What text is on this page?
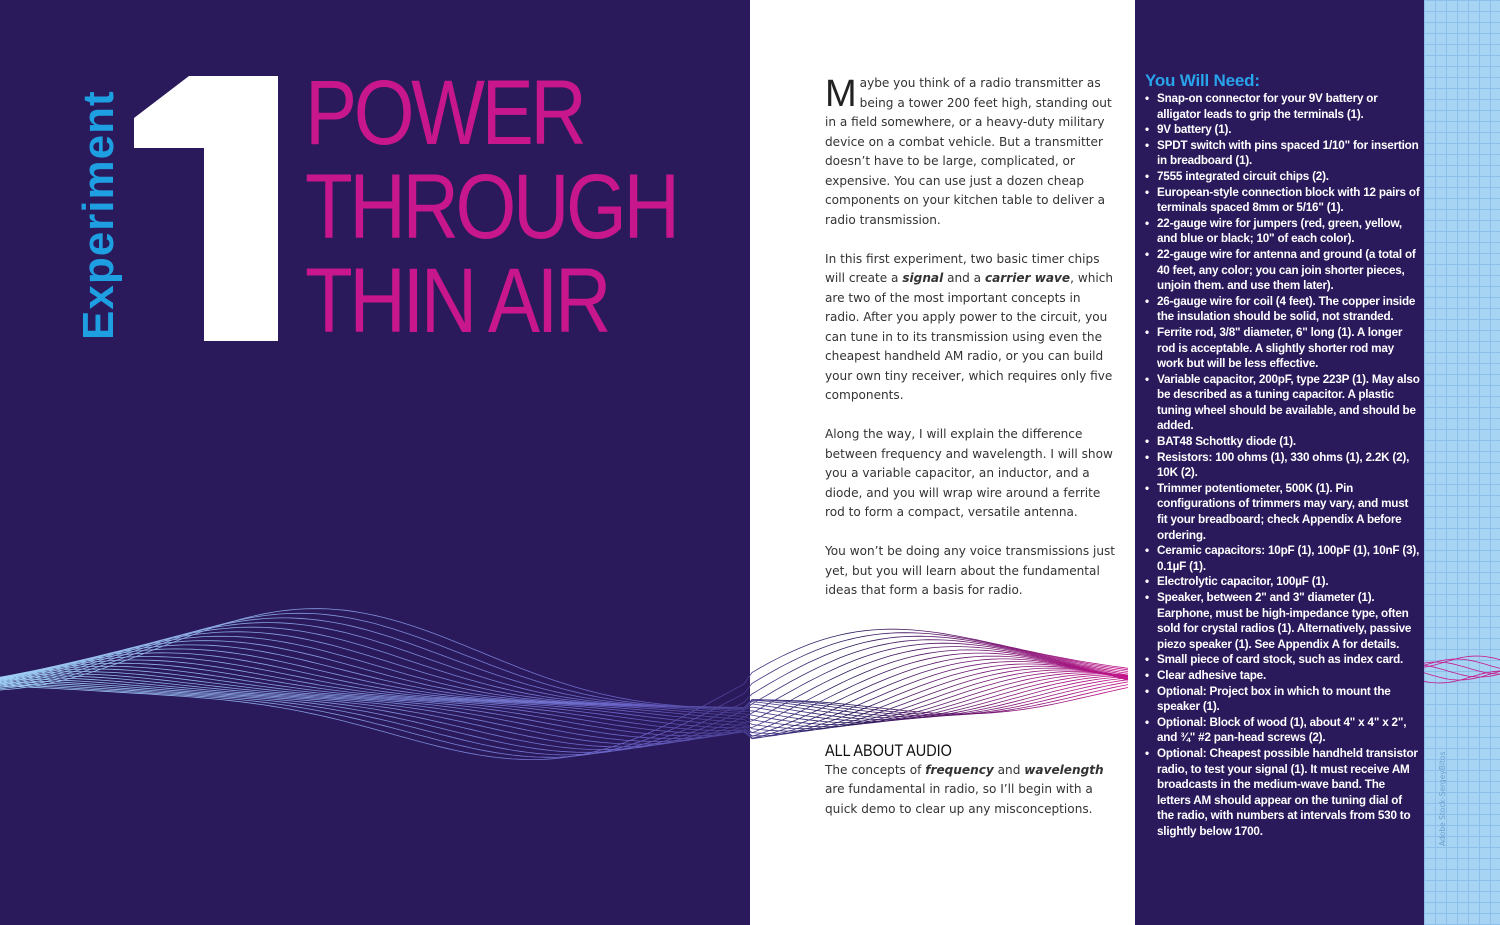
Experiment POWER
THROUGH
THIN AIR

Maybe you think of a radio transmitter as being a tower 200 feet high, standing out in a field somewhere, or a heavy-duty military device on a combat vehicle. But a transmitter doesn’t have to be large, complicated, or expensive. You can use just a dozen cheap components on your kitchen table to deliver a radio transmission.

In this first experiment, two basic timer chips will create a signal and a carrier wave, which are two of the most important concepts in radio. After you apply power to the circuit, you can tune in to its transmission using even the cheapest handheld AM radio, or you can build your own tiny receiver, which requires only five components.

Along the way, I will explain the difference between frequency and wavelength. I will show you a variable capacitor, an inductor, and a diode, and you will wrap wire around a ferrite rod to form a compact, versatile antenna.

You won’t be doing any voice transmissions just yet, but you will learn about the fundamental ideas that form a basis for radio.

ALL ABOUT AUDIO

The concepts of frequency and wavelength are fundamental in radio, so I’ll begin with a quick demo to clear up any misconceptions.

You Will Need:
• Snap-on connector for your 9V battery or alligator leads to grip the terminals (1).
• 9V battery (1).
• SPDT switch with pins spaced 1/10" for insertion in breadboard (1).
• 7555 integrated circuit chips (2).
• European-style connection block with 12 pairs of terminals spaced 8mm or 5/16" (1).
• 22-gauge wire for jumpers (red, green, yellow, and blue or black; 10" of each color).
• 22-gauge wire for antenna and ground (a total of 40 feet, any color; you can join shorter pieces, unjoin them. and use them later).
• 26-gauge wire for coil (4 feet). The copper inside the insulation should be solid, not stranded.
• Ferrite rod, 3/8" diameter, 6" long (1). A longer rod is acceptable. A slightly shorter rod may work but will be less effective.
• Variable capacitor, 200pF, type 223P (1). May also be described as a tuning capacitor. A plastic tuning wheel should be available, and should be added.
• BAT48 Schottky diode (1).
• Resistors: 100 ohms (1), 330 ohms (1), 2.2K (2), 10K (2).
• Trimmer potentiometer, 500K (1). Pin configurations of trimmers may vary, and must fit your breadboard; check Appendix A before ordering.
• Ceramic capacitors: 10pF (1), 100pF (1), 10nF (3), 0.1µF (1).
• Electrolytic capacitor, 100µF (1).
• Speaker, between 2" and 3" diameter (1). Earphone, must be high-impedance type, often sold for crystal radios (1). Alternatively, passive piezo speaker (1). See Appendix A for details.
• Small piece of card stock, such as index card.
• Clear adhesive tape.
• Optional: Project box in which to mount the speaker (1).
• Optional: Block of wood (1), about 4" x 4" x 2", and ¾" #2 pan-head screws (2).
• Optional: Cheapest possible handheld transistor radio, to test your signal (1). It must receive AM broadcasts in the medium-wave band. The letters AM should appear on the tuning dial of the radio, with numbers at intervals from 530 to slightly below 1700.	Adobe Stock-SergeyBitos
